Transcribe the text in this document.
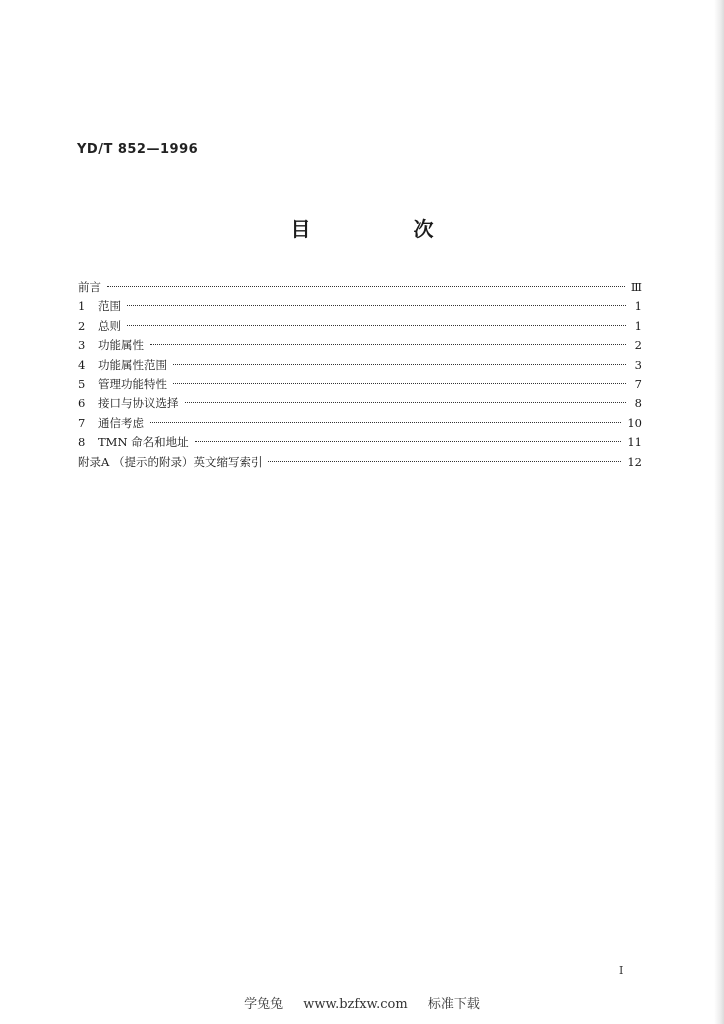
YD/T 852—1996
目 次
前言	Ⅲ
1	范围	1
2	总则	1
3	功能属性	2
4	功能属性范围	3
5	管理功能特性	7
6	接口与协议选择	8
7	通信考虑	10
8	TMN 命名和地址	11
附录A （提示的附录）英文缩写索引	12
Ⅰ
学兔兔 www.bzfxw.com 标准下载
